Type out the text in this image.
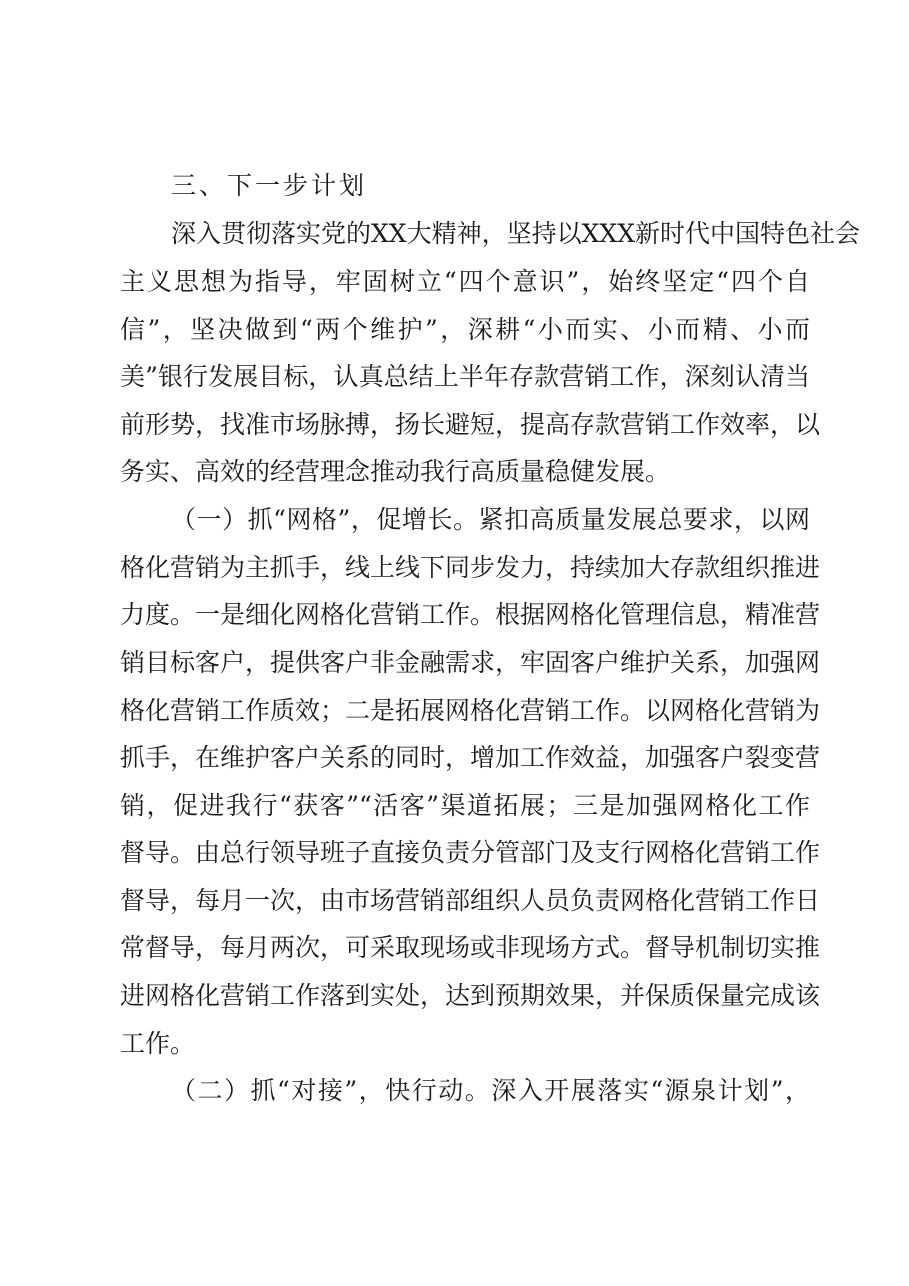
三、下一步计划
深入贯彻落实党的XX大精神，坚持以XXX新时代中国特色社会
主义思想为指导，牢固树立“四个意识”，始终坚定“四个自
信”，坚决做到“两个维护”，深耕“小而实、小而精、小而
美”银行发展目标，认真总结上半年存款营销工作，深刻认清当
前形势，找准市场脉搏，扬长避短，提高存款营销工作效率，以
务实、高效的经营理念推动我行高质量稳健发展。
（一）抓“网格”，促增长。紧扣高质量发展总要求，以网
格化营销为主抓手，线上线下同步发力，持续加大存款组织推进
力度。一是细化网格化营销工作。根据网格化管理信息，精准营
销目标客户，提供客户非金融需求，牢固客户维护关系，加强网
格化营销工作质效；二是拓展网格化营销工作。以网格化营销为
抓手，在维护客户关系的同时，增加工作效益，加强客户裂变营
销，促进我行“获客”“活客”渠道拓展；三是加强网格化工作
督导。由总行领导班子直接负责分管部门及支行网格化营销工作
督导，每月一次，由市场营销部组织人员负责网格化营销工作日
常督导，每月两次，可采取现场或非现场方式。督导机制切实推
进网格化营销工作落到实处，达到预期效果，并保质保量完成该
工作。
（二）抓“对接”，快行动。深入开展落实“源泉计划”，
